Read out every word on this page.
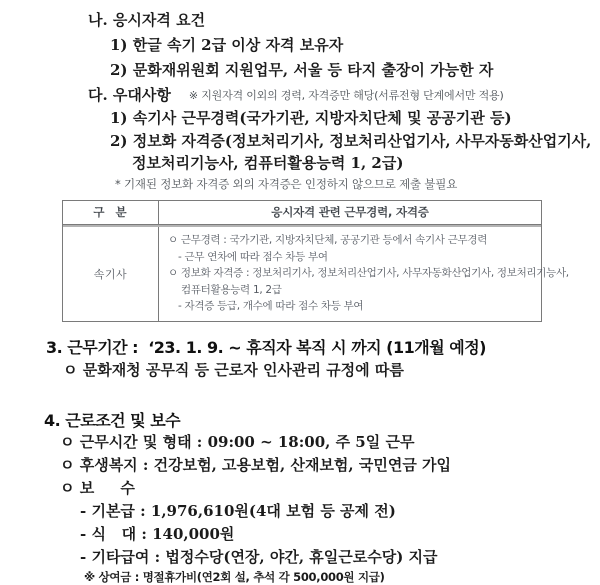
나. 응시자격 요건
1) 한글 속기 2급 이상 자격 보유자
2) 문화재위원회 지원업무, 서울 등 타지 출장이 가능한 자
다. 우대사항 ※ 지원자격 이외의 경력, 자격증만 해당(서류전형 단계에서만 적용)
1) 속기사 근무경력(국가기관, 지방자치단체 및 공공기관 등)
2) 정보화 자격증(정보처리기사, 정보처리산업기사, 사무자동화산업기사,
정보처리기능사, 컴퓨터활용능력 1, 2급)
* 기재된 정보화 자격증 외의 자격증은 인정하지 않으므로 제출 불필요
구  분	응시자격 관련 근무경력, 자격증
속기사
ㅇ 근무경력 : 국가기관, 지방자치단체, 공공기관 등에서 속기사 근무경력
- 근무 연차에 따라 점수 차등 부여
ㅇ 정보화 자격증 : 정보처리기사, 정보처리산업기사, 사무자동화산업기사, 정보처리기능사,
컴퓨터활용능력 1, 2급
- 자격증 등급, 개수에 따라 점수 차등 부여
3. 근무기간 :  ‘23. 1. 9. ~ 휴직자 복직 시 까지 (11개월 예정)
ㅇ 문화재청 공무직 등 근로자 인사관리 규정에 따름
4. 근로조건 및 보수
ㅇ 근무시간 및 형태 : 09:00 ~ 18:00, 주 5일 근무
ㅇ 후생복지 : 건강보험, 고용보험, 산재보험, 국민연금 가입
ㅇ 보     수
- 기본급 : 1,976,610원(4대 보험 등 공제 전)
- 식   대 : 140,000원
- 기타급여 : 법정수당(연장, 야간, 휴일근로수당) 지급
※ 상여금 : 명절휴가비(연2회 설, 추석 각 500,000원 지급)
